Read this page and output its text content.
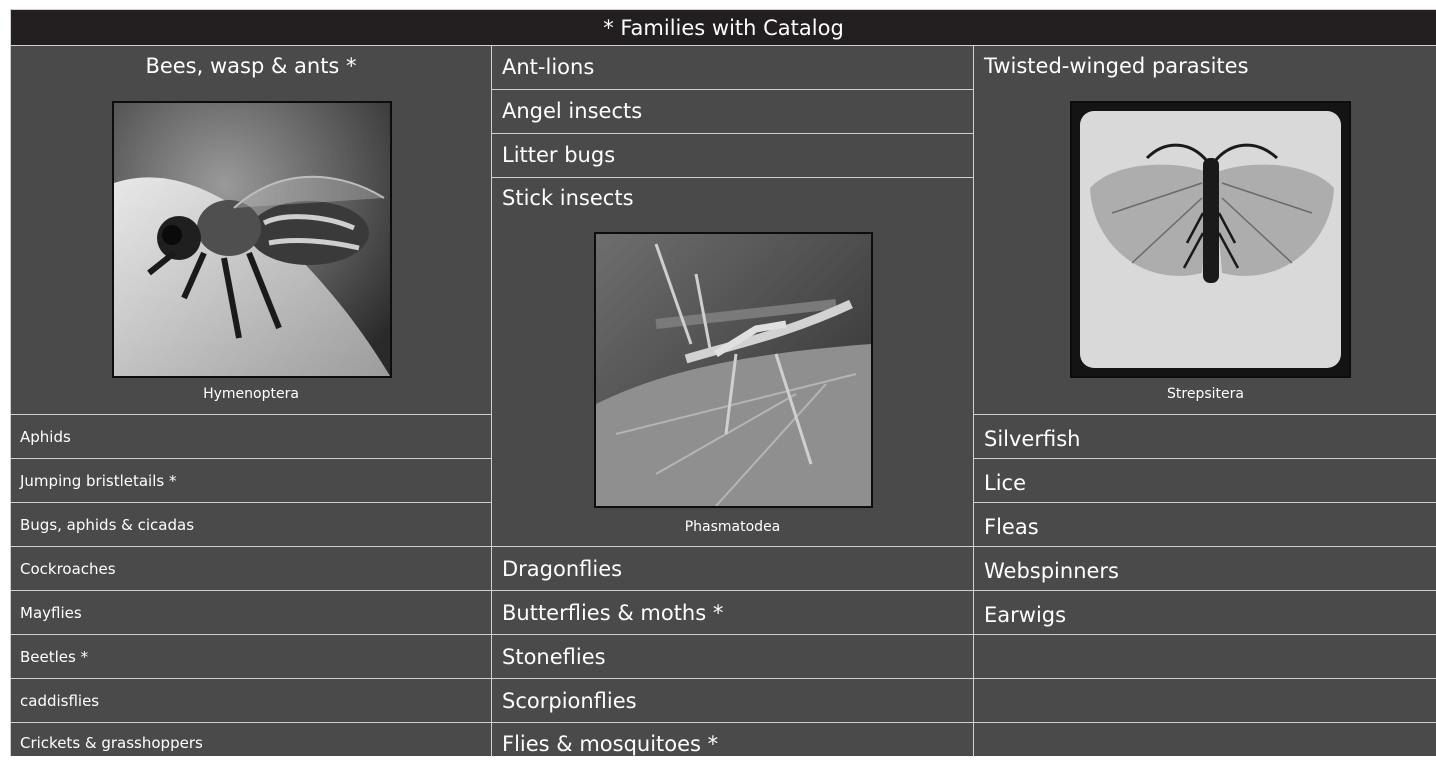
* Families with Catalog
Bees, wasp & ants *
Hymenoptera
Aphids
Jumping bristletails *
Bugs, aphids & cicadas
Cockroaches
Mayflies
Beetles *
caddisflies
Crickets & grasshoppers
Ant-lions
Angel insects
Litter bugs
Stick insects
Phasmatodea
Dragonflies
Butterflies & moths *
Stoneflies
Scorpionflies
Flies & mosquitoes *
Twisted-winged parasites
Strepsitera
Silverfish
Lice
Fleas
Webspinners
Earwigs
